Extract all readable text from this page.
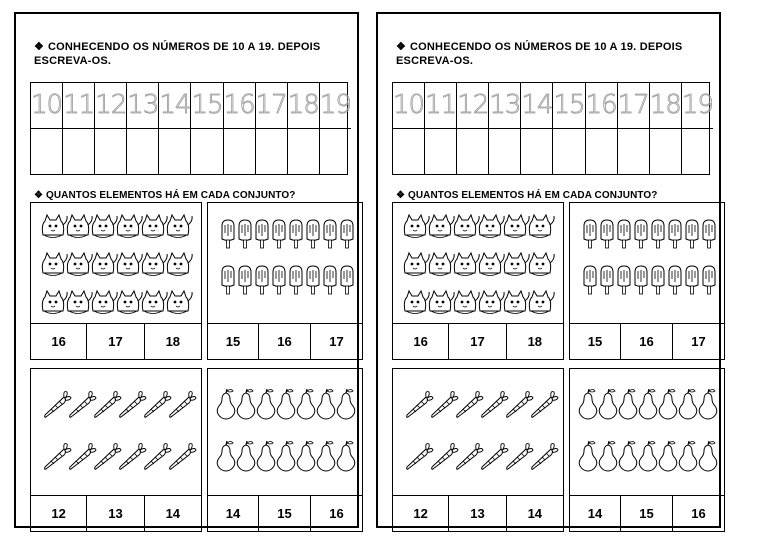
❖ CONHECENDO OS NÚMEROS DE 10 A 19. DEPOIS ESCREVA-OS.
10 11 12 13 14 15 16 17 18 19
❖ QUANTOS ELEMENTOS HÁ EM CADA CONJUNTO?
16	17	18	15	16	17
12	13	14	14	15	16
❖ CONHECENDO OS NÚMEROS DE 10 A 19. DEPOIS ESCREVA-OS.
10 11 12 13 14 15 16 17 18 19
❖ QUANTOS ELEMENTOS HÁ EM CADA CONJUNTO?
16	17	18	15	16	17
12	13	14	14	15	16
